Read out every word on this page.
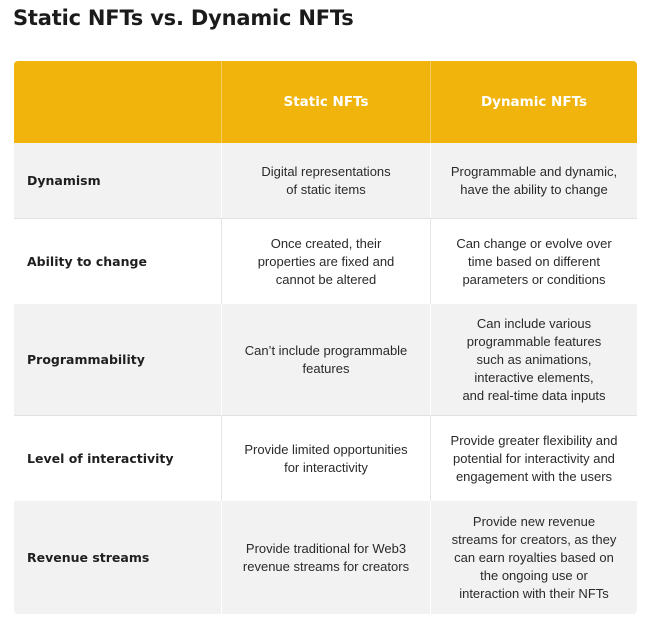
Static NFTs vs. Dynamic NFTs
Static NFTs	Dynamic NFTs
Dynamism
Digital representations
of static items
Programmable and dynamic,
have the ability to change
Ability to change
Once created, their
properties are fixed and
cannot be altered
Can change or evolve over
time based on different
parameters or conditions
Programmability
Can’t include programmable
features
Can include various
programmable features
such as animations,
interactive elements,
and real-time data inputs
Level of interactivity
Provide limited opportunities
for interactivity
Provide greater flexibility and
potential for interactivity and
engagement with the users
Revenue streams
Provide traditional for Web3
revenue streams for creators
Provide new revenue
streams for creators, as they
can earn royalties based on
the ongoing use or
interaction with their NFTs
